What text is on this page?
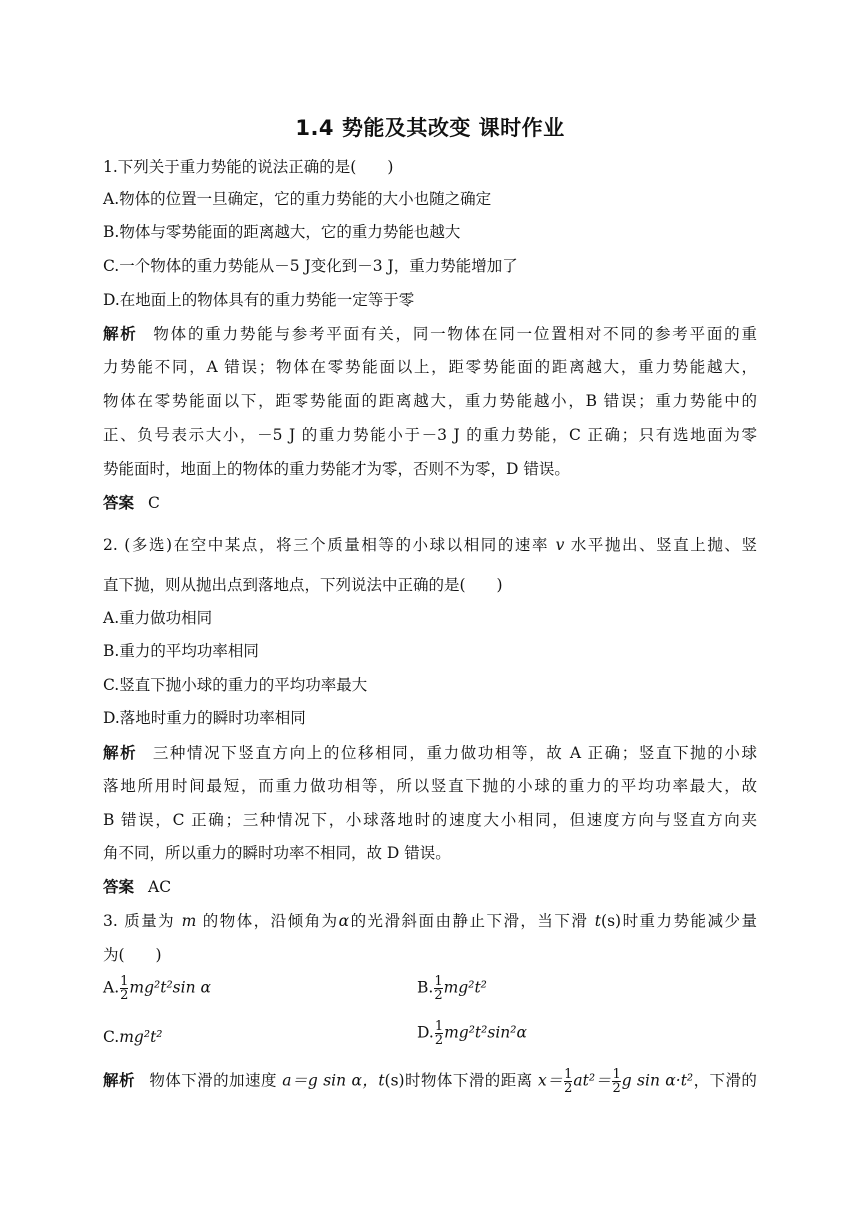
1.4 势能及其改变 课时作业
1.下列关于重力势能的说法正确的是(　　)
A.物体的位置一旦确定，它的重力势能的大小也随之确定
B.物体与零势能面的距离越大，它的重力势能也越大
C.一个物体的重力势能从－5 J变化到－3 J，重力势能增加了
D.在地面上的物体具有的重力势能一定等于零
解析 物体的重力势能与参考平面有关，同一物体在同一位置相对不同的参考平面的重
力势能不同，A 错误；物体在零势能面以上，距零势能面的距离越大，重力势能越大，
物体在零势能面以下，距零势能面的距离越大，重力势能越小，B 错误；重力势能中的
正、负号表示大小，－5 J 的重力势能小于－3 J 的重力势能，C 正确；只有选地面为零
势能面时，地面上的物体的重力势能才为零，否则不为零，D 错误。
答案 C
2. (多选)在空中某点，将三个质量相等的小球以相同的速率 v 水平抛出、竖直上抛、竖
直下抛，则从抛出点到落地点，下列说法中正确的是(　　)
A.重力做功相同
B.重力的平均功率相同
C.竖直下抛小球的重力的平均功率最大
D.落地时重力的瞬时功率相同
解析 三种情况下竖直方向上的位移相同，重力做功相等，故 A 正确；竖直下抛的小球
落地所用时间最短，而重力做功相等，所以竖直下抛的小球的重力的平均功率最大，故
B 错误，C 正确；三种情况下，小球落地时的速度大小相同，但速度方向与竖直方向夹
角不同，所以重力的瞬时功率不相同，故 D 错误。
答案 AC
3. 质量为 m 的物体，沿倾角为α的光滑斜面由静止下滑，当下滑 t(s)时重力势能减少量
为(　　)
A. $\frac{1}{2} mg^2t^2\sin$ α	B. $\frac{1}{2} mg^2t^2$
C.mg²t²	D. $\frac{1}{2} mg^2t^2\sin^2\alpha$
解析 物体下滑的加速度 a＝g sin α，t(s)时物体下滑的距离 $x= \frac{1}{2} at^2= \frac{1}{2}$ g sin α·t²，下滑的
